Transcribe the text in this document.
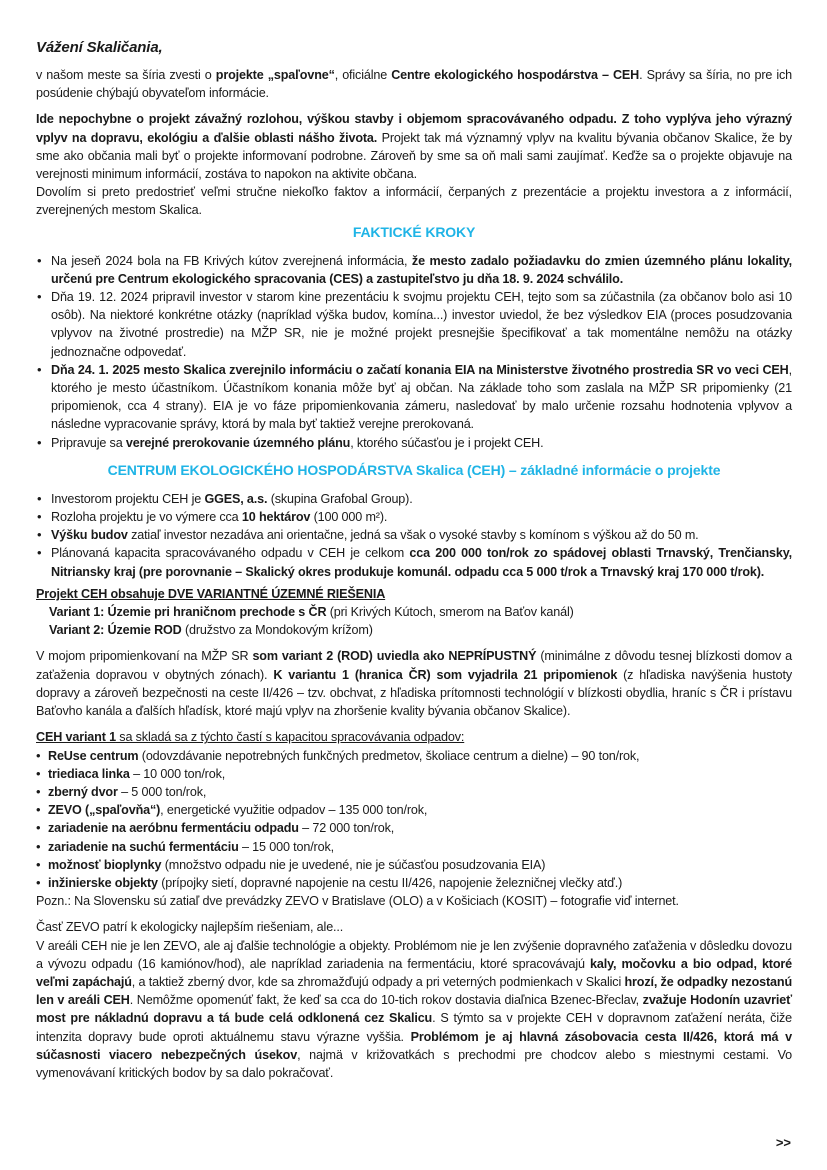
Vážení Skaličania,

v našom meste sa šíria zvesti o projekte „spaľovne“, oficiálne Centre ekologického hospodárstva – CEH. Správy sa šíria, no pre ich posúdenie chýbajú obyvateľom informácie.

Ide nepochybne o projekt závažný rozlohou, výškou stavby i objemom spracovávaného odpadu. Z toho vyplýva jeho výrazný vplyv na dopravu, ekológiu a ďalšie oblasti nášho života. Projekt tak má významný vplyv na kvalitu bývania občanov Skalice, že by sme ako občania mali byť o projekte informovaní podrobne. Zároveň by sme sa oň mali sami zaujímať. Keďže sa o projekte objavuje na verejnosti minimum informácií, zostáva to napokon na aktivite občana.

Dovolím si preto predostrieť veľmi stručne niekoľko faktov a informácií, čerpaných z prezentácie a projektu investora a z informácií, zverejnených mestom Skalica.

FAKTICKÉ KROKY
• Na jeseň 2024 bola na FB Krivých kútov zverejnená informácia, že mesto zadalo požiadavku do zmien územného plánu lokality, určenú pre Centrum ekologického spracovania (CES) a zastupiteľstvo ju dňa 18. 9. 2024 schválilo.
• Dňa 19. 12. 2024 pripravil investor v starom kine prezentáciu k svojmu projektu CEH, tejto som sa zúčastnila (za občanov bolo asi 10 osôb). Na niektoré konkrétne otázky (napríklad výška budov, komína...) investor uviedol, že bez výsledkov EIA (proces posudzovania vplyvov na životné prostredie) na MŽP SR, nie je možné projekt presnejšie špecifikovať a tak momentálne nemôžu na otázky jednoznačne odpovedať.
• Dňa 24. 1. 2025 mesto Skalica zverejnilo informáciu o začatí konania EIA na Ministerstve životného prostredia SR vo veci CEH, ktorého je mesto účastníkom. Účastníkom konania môže byť aj občan. Na základe toho som zaslala na MŽP SR pripomienky (21 pripomienok, cca 4 strany). EIA je vo fáze pripomienkovania zámeru, nasledovať by malo určenie rozsahu hodnotenia vplyvov a následne vypracovanie správy, ktorá by mala byť taktiež verejne prerokovaná.
• Pripravuje sa verejné prerokovanie územného plánu, ktorého súčasťou je i projekt CEH.
CENTRUM EKOLOGICKÉHO HOSPODÁRSTVA Skalica (CEH) – základné informácie o projekte
• Investorom projektu CEH je GGES, a.s. (skupina Grafobal Group).
• Rozloha projektu je vo výmere cca 10 hektárov (100 000 m²).
• Výšku budov zatiaľ investor nezadáva ani orientačne, jedná sa však o vysoké stavby s komínom s výškou až do 50 m.
• Plánovaná kapacita spracovávaného odpadu v CEH je celkom cca 200 000 ton/rok zo spádovej oblasti Trnavský, Trenčiansky, Nitriansky kraj (pre porovnanie – Skalický okres produkuje komunál. odpadu cca 5 000 t/rok a Trnavský kraj 170 000 t/rok).

Projekt CEH obsahuje DVE VARIANTNÉ ÚZEMNÉ RIEŠENIA

Variant 1: Územie pri hraničnom prechode s ČR (pri Krivých Kútoch, smerom na Baťov kanál)

Variant 2: Územie ROD (družstvo za Mondokovým krížom)

V mojom pripomienkovaní na MŽP SR som variant 2 (ROD) uviedla ako NEPRÍPUSTNÝ (minimálne z dôvodu tesnej blízkosti domov a zaťaženia dopravou v obytných zónach). K variantu 1 (hranica ČR) som vyjadrila 21 pripomienok (z hľadiska navýšenia hustoty dopravy a zároveň bezpečnosti na ceste II/426 – tzv. obchvat, z hľadiska prítomnosti technológií v blízkosti obydlia, hraníc s ČR i prístavu Baťovho kanála a ďalších hľadísk, ktoré majú vplyv na zhoršenie kvality bývania občanov Skalice).

CEH variant 1 sa skladá sa z týchto častí s kapacitou spracovávania odpadov:

• ReUse centrum (odovzdávanie nepotrebných funkčných predmetov, školiace centrum a dielne) – 90 ton/rok,
• triediaca linka – 10 000 ton/rok,
• zberný dvor – 5 000 ton/rok,
• ZEVO („spaľovňa“), energetické využitie odpadov – 135 000 ton/rok,
• zariadenie na aeróbnu fermentáciu odpadu – 72 000 ton/rok,
• zariadenie na suchú fermentáciu – 15 000 ton/rok,
• možnosť bioplynky (množstvo odpadu nie je uvedené, nie je súčasťou posudzovania EIA)
• inžinierske objekty (prípojky sietí, dopravné napojenie na cestu II/426, napojenie železničnej vlečky atď.)

Pozn.: Na Slovensku sú zatiaľ dve prevádzky ZEVO v Bratislave (OLO) a v Košiciach (KOSIT) – fotografie viď internet.

Časť ZEVO patrí k ekologicky najlepším riešeniam, ale...

V areáli CEH nie je len ZEVO, ale aj ďalšie technológie a objekty. Problémom nie je len zvýšenie dopravného zaťaženia v dôsledku dovozu a vývozu odpadu (16 kamiónov/hod), ale napríklad zariadenia na fermentáciu, ktoré spracovávajú kaly, močovku a bio odpad, ktoré veľmi zapáchajú, a taktiež zberný dvor, kde sa zhromažďujú odpady a pri veterných podmienkach v Skalici hrozí, že odpadky nezostanú len v areáli CEH. Nemôžme opomenúť fakt, že keď sa cca do 10-tich rokov dostavia diaľnica Bzenec-Břeclav, zvažuje Hodonín uzavrieť most pre nákladnú dopravu a tá bude celá odklonená cez Skalicu. S týmto sa v projekte CEH v dopravnom zaťažení neráta, čiže intenzita dopravy bude oproti aktuálnemu stavu výrazne vyššia. Problémom je aj hlavná zásobovacia cesta II/426, ktorá má v súčasnosti viacero nebezpečných úsekov, najmä v križovatkách s prechodmi pre chodcov alebo s miestnymi cestami. Vo vymenovávaní kritických bodov by sa dalo pokračovať.

>>
